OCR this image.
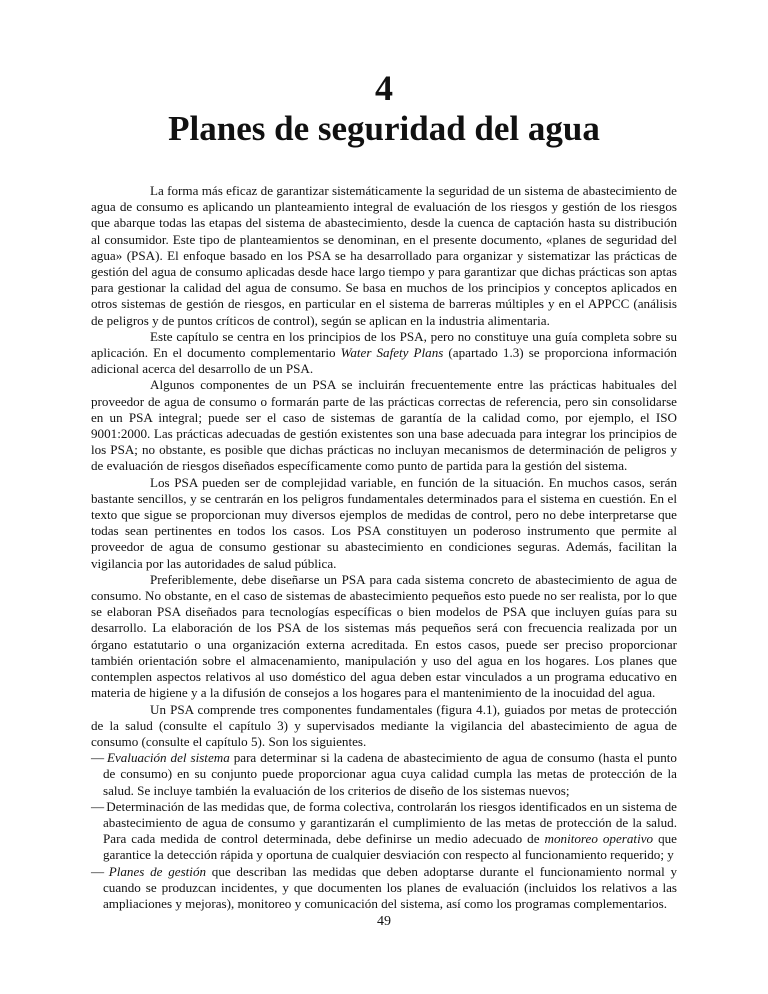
4
Planes de seguridad del agua

La forma más eficaz de garantizar sistemáticamente la seguridad de un sistema de abastecimiento de agua de consumo es aplicando un planteamiento integral de evaluación de los riesgos y gestión de los riesgos que abarque todas las etapas del sistema de abastecimiento, desde la cuenca de captación hasta su distribución al consumidor. Este tipo de planteamientos se denominan, en el presente documento, «planes de seguridad del agua» (PSA). El enfoque basado en los PSA se ha desarrollado para organizar y sistematizar las prácticas de gestión del agua de consumo aplicadas desde hace largo tiempo y para garantizar que dichas prácticas son aptas para gestionar la calidad del agua de consumo. Se basa en muchos de los principios y conceptos aplicados en otros sistemas de gestión de riesgos, en particular en el sistema de barreras múltiples y en el APPCC (análisis de peligros y de puntos críticos de control), según se aplican en la industria alimentaria.

Este capítulo se centra en los principios de los PSA, pero no constituye una guía completa sobre su aplicación. En el documento complementario Water Safety Plans (apartado 1.3) se proporciona información adicional acerca del desarrollo de un PSA.

Algunos componentes de un PSA se incluirán frecuentemente entre las prácticas habituales del proveedor de agua de consumo o formarán parte de las prácticas correctas de referencia, pero sin consolidarse en un PSA integral; puede ser el caso de sistemas de garantía de la calidad como, por ejemplo, el ISO 9001:2000. Las prácticas adecuadas de gestión existentes son una base adecuada para integrar los principios de los PSA; no obstante, es posible que dichas prácticas no incluyan mecanismos de determinación de peligros y de evaluación de riesgos diseñados específicamente como punto de partida para la gestión del sistema.

Los PSA pueden ser de complejidad variable, en función de la situación. En muchos casos, serán bastante sencillos, y se centrarán en los peligros fundamentales determinados para el sistema en cuestión. En el texto que sigue se proporcionan muy diversos ejemplos de medidas de control, pero no debe interpretarse que todas sean pertinentes en todos los casos. Los PSA constituyen un poderoso instrumento que permite al proveedor de agua de consumo gestionar su abastecimiento en condiciones seguras. Además, facilitan la vigilancia por las autoridades de salud pública.

Preferiblemente, debe diseñarse un PSA para cada sistema concreto de abastecimiento de agua de consumo. No obstante, en el caso de sistemas de abastecimiento pequeños esto puede no ser realista, por lo que se elaboran PSA diseñados para tecnologías específicas o bien modelos de PSA que incluyen guías para su desarrollo. La elaboración de los PSA de los sistemas más pequeños será con frecuencia realizada por un órgano estatutario o una organización externa acreditada. En estos casos, puede ser preciso proporcionar también orientación sobre el almacenamiento, manipulación y uso del agua en los hogares. Los planes que contemplen aspectos relativos al uso doméstico del agua deben estar vinculados a un programa educativo en materia de higiene y a la difusión de consejos a los hogares para el mantenimiento de la inocuidad del agua.

Un PSA comprende tres componentes fundamentales (figura 4.1), guiados por metas de protección de la salud (consulte el capítulo 3) y supervisados mediante la vigilancia del abastecimiento de agua de consumo (consulte el capítulo 5). Son los siguientes.

— Evaluación del sistema para determinar si la cadena de abastecimiento de agua de consumo (hasta el punto de consumo) en su conjunto puede proporcionar agua cuya calidad cumpla las metas de protección de la salud. Se incluye también la evaluación de los criterios de diseño de los sistemas nuevos;
— Determinación de las medidas que, de forma colectiva, controlarán los riesgos identificados en un sistema de abastecimiento de agua de consumo y garantizarán el cumplimiento de las metas de protección de la salud. Para cada medida de control determinada, debe definirse un medio adecuado de monitoreo operativo que garantice la detección rápida y oportuna de cualquier desviación con respecto al funcionamiento requerido; y
— Planes de gestión que describan las medidas que deben adoptarse durante el funcionamiento normal y cuando se produzcan incidentes, y que documenten los planes de evaluación (incluidos los relativos a las ampliaciones y mejoras), monitoreo y comunicación del sistema, así como los programas complementarios.
49
